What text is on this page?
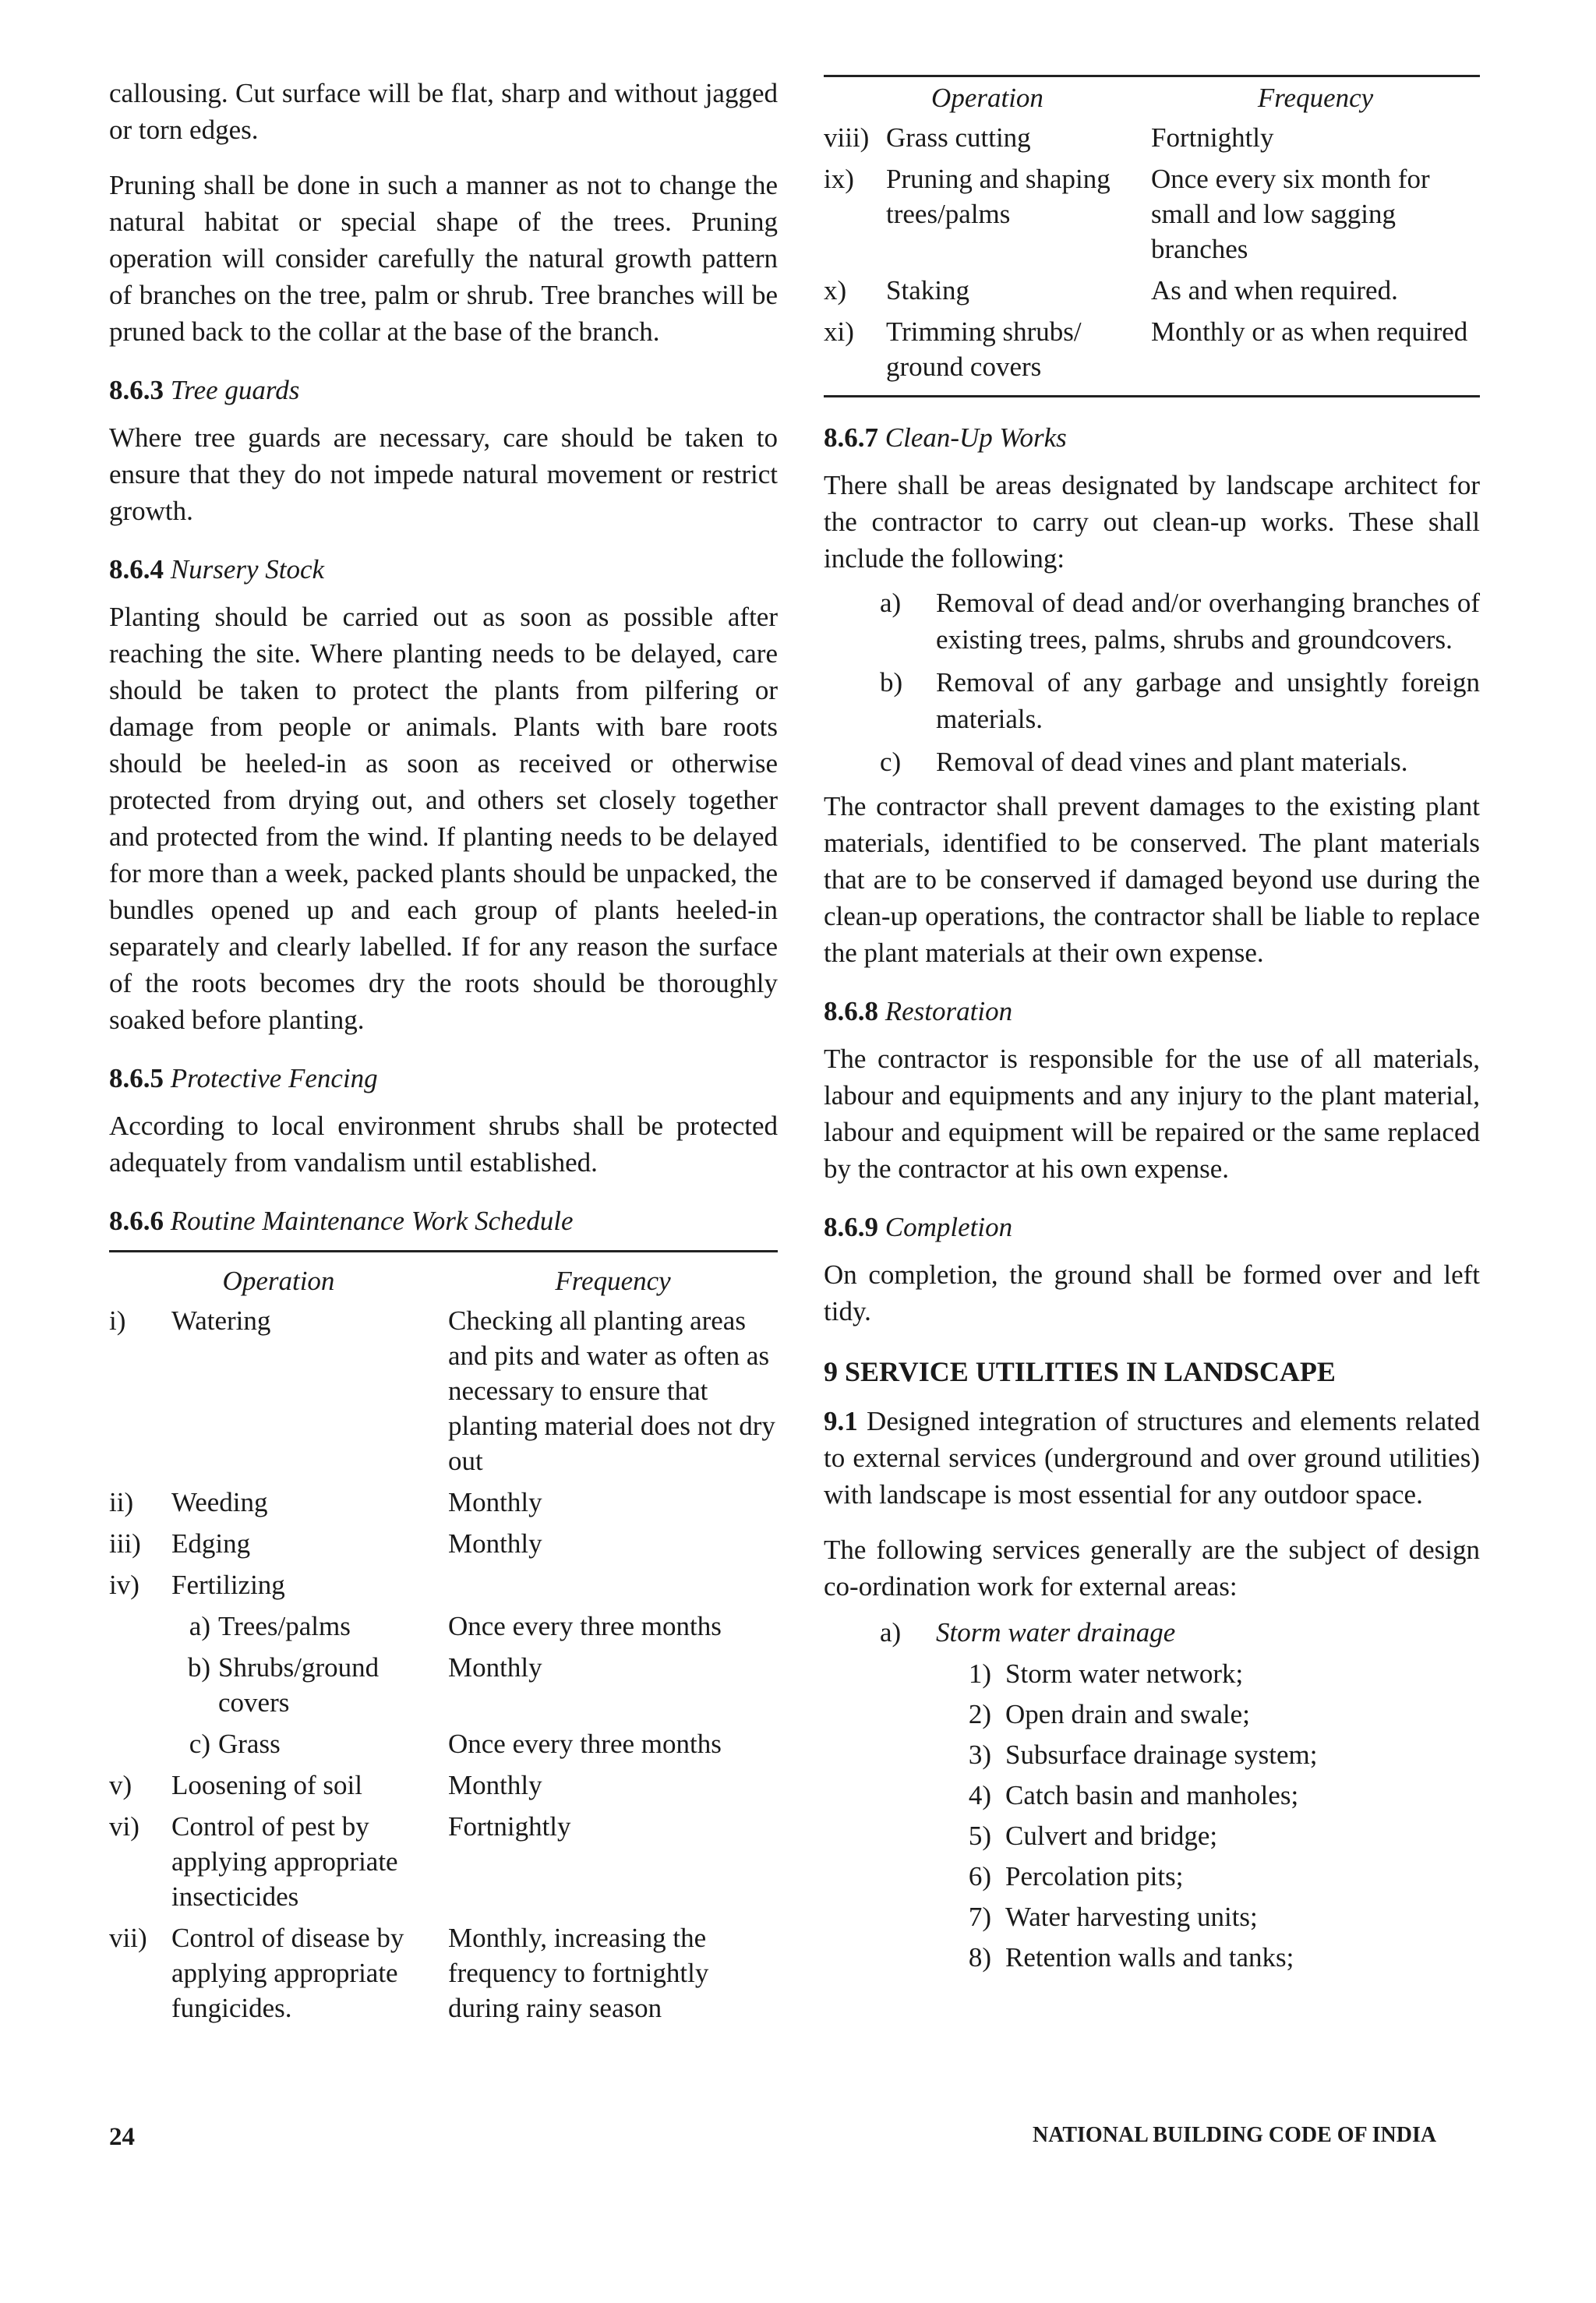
callousing. Cut surface will be flat, sharp and without jagged or torn edges.

Pruning shall be done in such a manner as not to change the natural habitat or special shape of the trees. Pruning operation will consider carefully the natural growth pattern of branches on the tree, palm or shrub. Tree branches will be pruned back to the collar at the base of the branch.

8.6.3 Tree guards

Where tree guards are necessary, care should be taken to ensure that they do not impede natural movement or restrict growth.

8.6.4 Nursery Stock

Planting should be carried out as soon as possible after reaching the site. Where planting needs to be delayed, care should be taken to protect the plants from pilfering or damage from people or animals. Plants with bare roots should be heeled-in as soon as received or otherwise protected from drying out, and others set closely together and protected from the wind. If planting needs to be delayed for more than a week, packed plants should be unpacked, the bundles opened up and each group of plants heeled-in separately and clearly labelled. If for any reason the surface of the roots becomes dry the roots should be thoroughly soaked before planting.

8.6.5 Protective Fencing

According to local environment shrubs shall be protected adequately from vandalism until established.

8.6.6 Routine Maintenance Work Schedule
Operation		Frequency
i)	Watering	Checking all planting areas and pits and water as often as necessary to ensure that planting material does not dry out
ii)	Weeding	Monthly
iii)	Edging	Monthly
iv)	Fertilizing	
	a) Trees/palms	Once every three months

	b) Shrubs/ground covers	Monthly
	c) Grass	Once every three months
v)	Loosening of soil	Monthly
vi)	Control of pest by applying appropriate insecticides	Fortnightly
vii)	Control of disease by applying appropriate fungicides.	Monthly, increasing the frequency to fortnightly during rainy season
Operation		Frequency
viii)	Grass cutting	Fortnightly
ix)	Pruning and shaping trees/palms	Once every six month for small and low sagging branches
x)	Staking	As and when required.
xi)	Trimming shrubs/ ground covers	Monthly or as when required
8.6.7 Clean-Up Works

There shall be areas designated by landscape architect for the contractor to carry out clean-up works. These shall include the following:

a)	Removal of dead and/or overhanging branches of existing trees, palms, shrubs and groundcovers.
b)	Removal of any garbage and unsightly foreign materials.
c)	Removal of dead vines and plant materials.

The contractor shall prevent damages to the existing plant materials, identified to be conserved. The plant materials that are to be conserved if damaged beyond use during the clean-up operations, the contractor shall be liable to replace the plant materials at their own expense.

8.6.8 Restoration

The contractor is responsible for the use of all materials, labour and equipments and any injury to the plant material, labour and equipment will be repaired or the same replaced by the contractor at his own expense.

8.6.9 Completion

On completion, the ground shall be formed over and left tidy.

9 SERVICE UTILITIES IN LANDSCAPE

9.1 Designed integration of structures and elements related to external services (underground and over ground utilities) with landscape is most essential for any outdoor space.

The following services generally are the subject of design co-ordination work for external areas:

a)	Storm water drainage
1) Storm water network;
2) Open drain and swale;
3) Subsurface drainage system;
4) Catch basin and manholes;
5) Culvert and bridge;
6) Percolation pits;
7) Water harvesting units;
8) Retention walls and tanks;
24	NATIONAL BUILDING CODE OF INDIA
